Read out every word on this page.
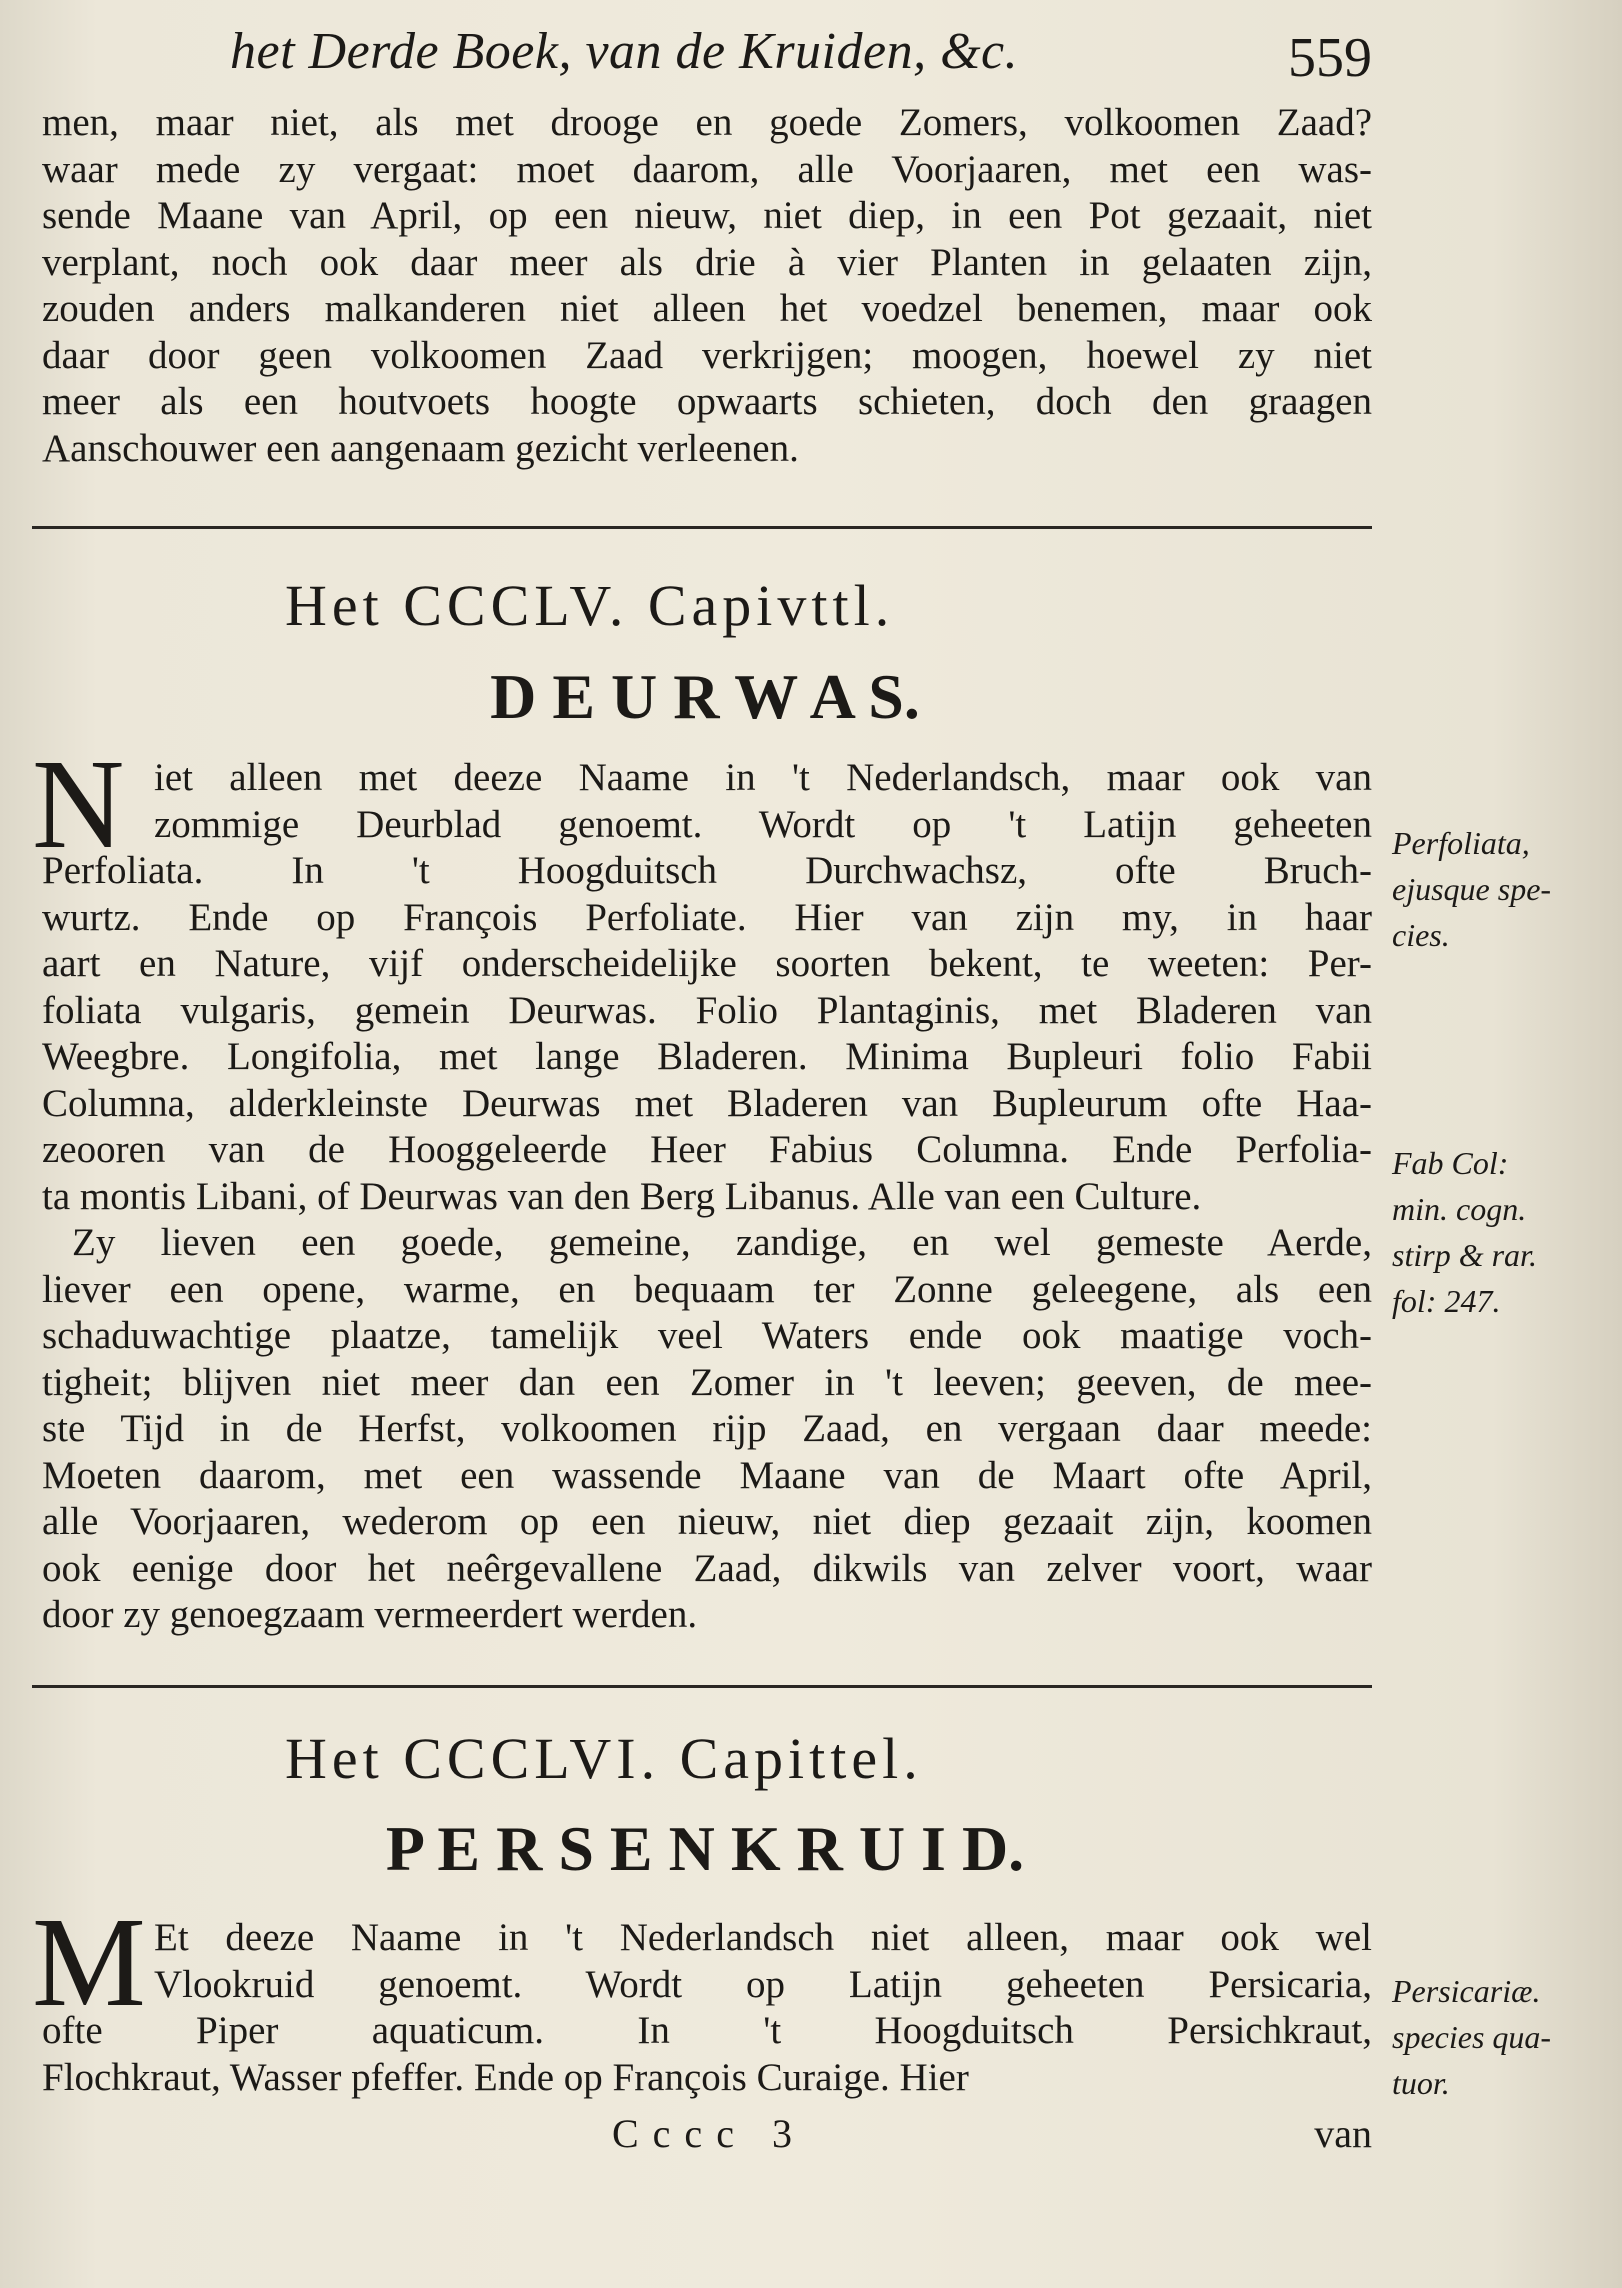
het Derde Boek, van de Kruiden, &c.	559
men, maar niet, als met drooge en goede Zomers, volkoomen Zaad?
waar mede zy vergaat: moet daarom, alle Voorjaaren, met een was-
sende Maane van April, op een nieuw, niet diep, in een Pot gezaait, niet
verplant, noch ook daar meer als drie à vier Planten in gelaaten zijn,
zouden anders malkanderen niet alleen het voedzel benemen, maar ook
daar door geen volkoomen Zaad verkrijgen; moogen, hoewel zy niet
meer als een houtvoets hoogte opwaarts schieten, doch den graagen
Aanschouwer een aangenaam gezicht verleenen.
Het CCCLV. Capivttl.
D E U R W A S.
N iet alleen met deeze Naame in 't Nederlandsch, maar ook van
zommige Deurblad genoemt. Wordt op 't Latijn geheeten
Perfoliata. In 't Hoogduitsch Durchwachsz, ofte Bruch-
wurtz. Ende op François Perfoliate. Hier van zijn my, in haar
aart en Nature, vijf onderscheidelijke soorten bekent, te weeten: Per-
foliata vulgaris, gemein Deurwas. Folio Plantaginis, met Bladeren van
Weegbre. Longifolia, met lange Bladeren. Minima Bupleuri folio Fabii
Columna, alderkleinste Deurwas met Bladeren van Bupleurum ofte Haa-
zeooren van de Hooggeleerde Heer Fabius Columna. Ende Perfolia-
ta montis Libani, of Deurwas van den Berg Libanus. Alle van een Culture.
Zy lieven een goede, gemeine, zandige, en wel gemeste Aerde,
liever een opene, warme, en bequaam ter Zonne geleegene, als een
schaduwachtige plaatze, tamelijk veel Waters ende ook maatige voch-
tigheit; blijven niet meer dan een Zomer in 't leeven; geeven, de mee-
ste Tijd in de Herfst, volkoomen rijp Zaad, en vergaan daar meede:
Moeten daarom, met een wassende Maane van de Maart ofte April,
alle Voorjaaren, wederom op een nieuw, niet diep gezaait zijn, koomen
ook eenige door het neêrgevallene Zaad, dikwils van zelver voort, waar
door zy genoegzaam vermeerdert werden.
Perfoliata,
ejusque spe-
cies.
Fab Col:
min. cogn.
stirp & rar.
fol: 247.
Het CCCLVI. Capittel.
P E R S E N K R U I D.
M Et deeze Naame in 't Nederlandsch niet alleen, maar ook wel
Vlookruid genoemt. Wordt op Latijn geheeten Persicaria,
ofte Piper aquaticum. In 't Hoogduitsch Persichkraut,
Flochkraut, Wasser pfeffer. Ende op François Curaige. Hier
Persicariæ.
species qua-
tuor.
Cccc 3	van
